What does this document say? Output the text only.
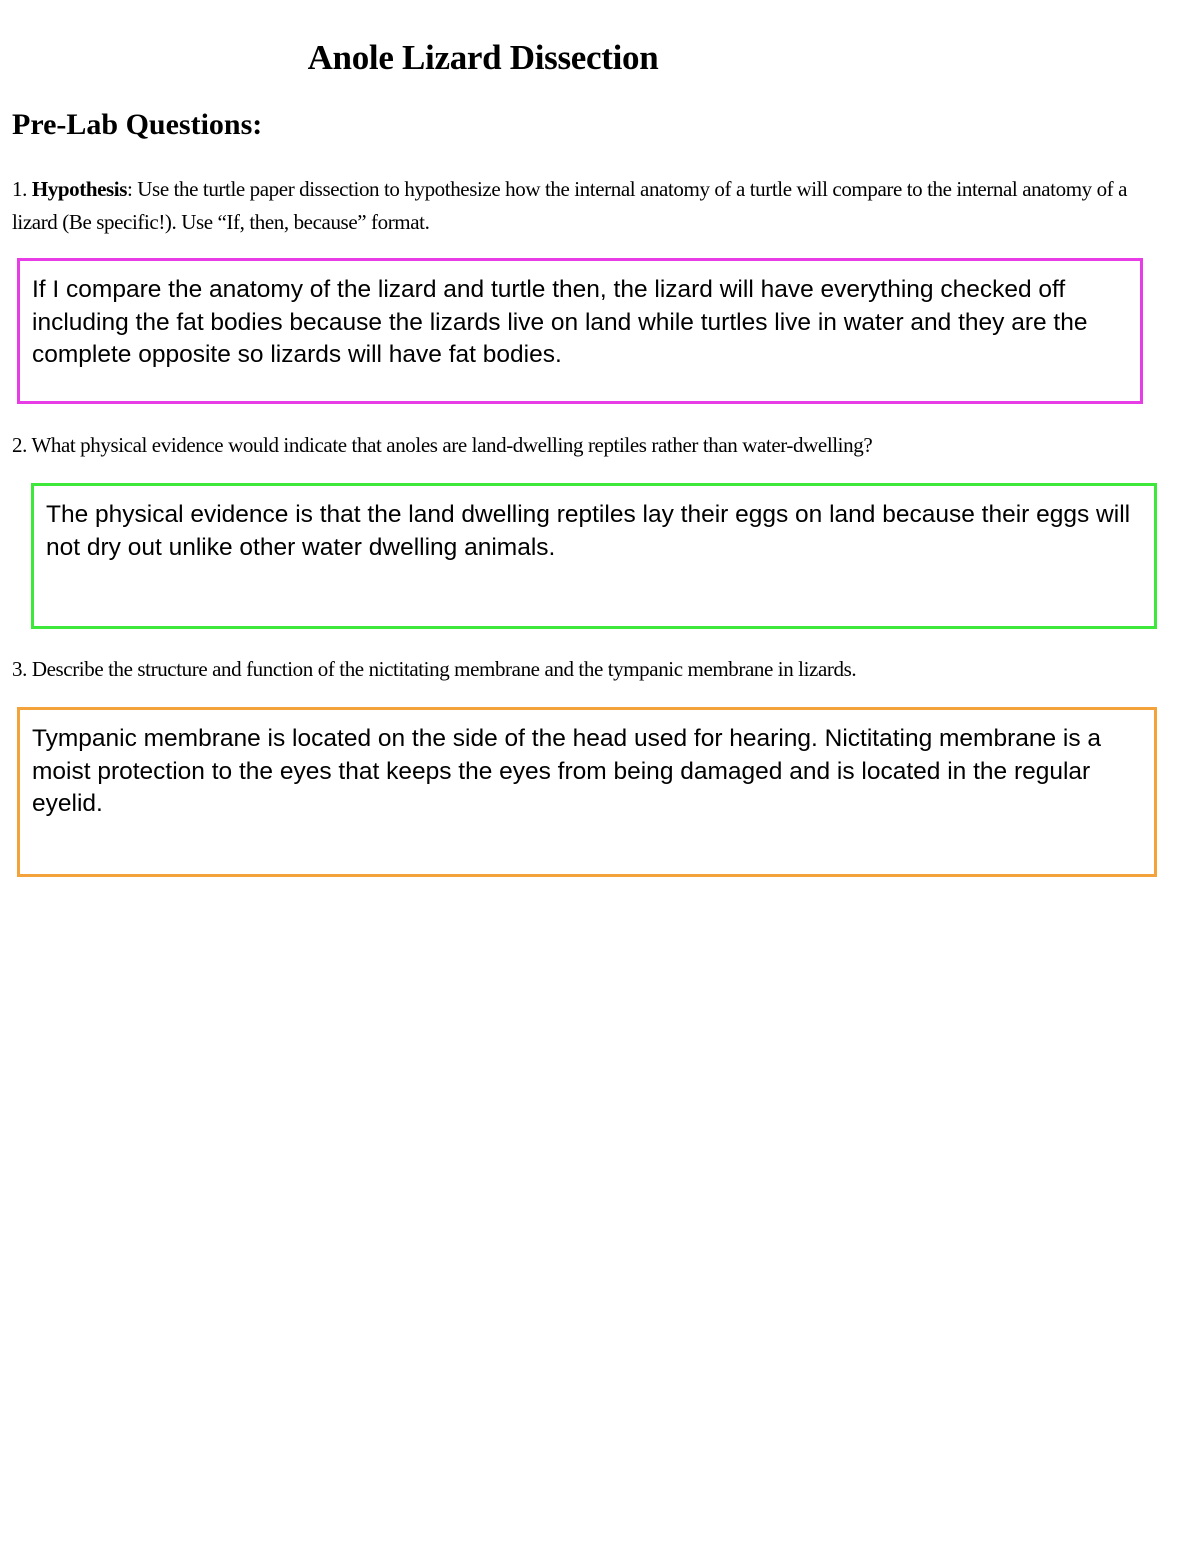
Anole Lizard Dissection
Pre-Lab Questions:
1. Hypothesis: Use the turtle paper dissection to hypothesize how the internal anatomy of a turtle will compare to the internal anatomy of a lizard (Be specific!). Use “If, then, because” format.
If I compare the anatomy of the lizard and turtle then, the lizard will have everything checked off including the fat bodies because the lizards live on land while turtles live in water and they are the complete opposite so lizards will have fat bodies.
2. What physical evidence would indicate that anoles are land-dwelling reptiles rather than water-dwelling?
The physical evidence is that the land dwelling reptiles lay their eggs on land because their eggs will not dry out unlike other water dwelling animals.
3. Describe the structure and function of the nictitating membrane and the tympanic membrane in lizards.
Tympanic membrane is located on the side of the head used for hearing. Nictitating membrane is a moist protection to the eyes that keeps the eyes from being damaged and is located in the regular eyelid.
